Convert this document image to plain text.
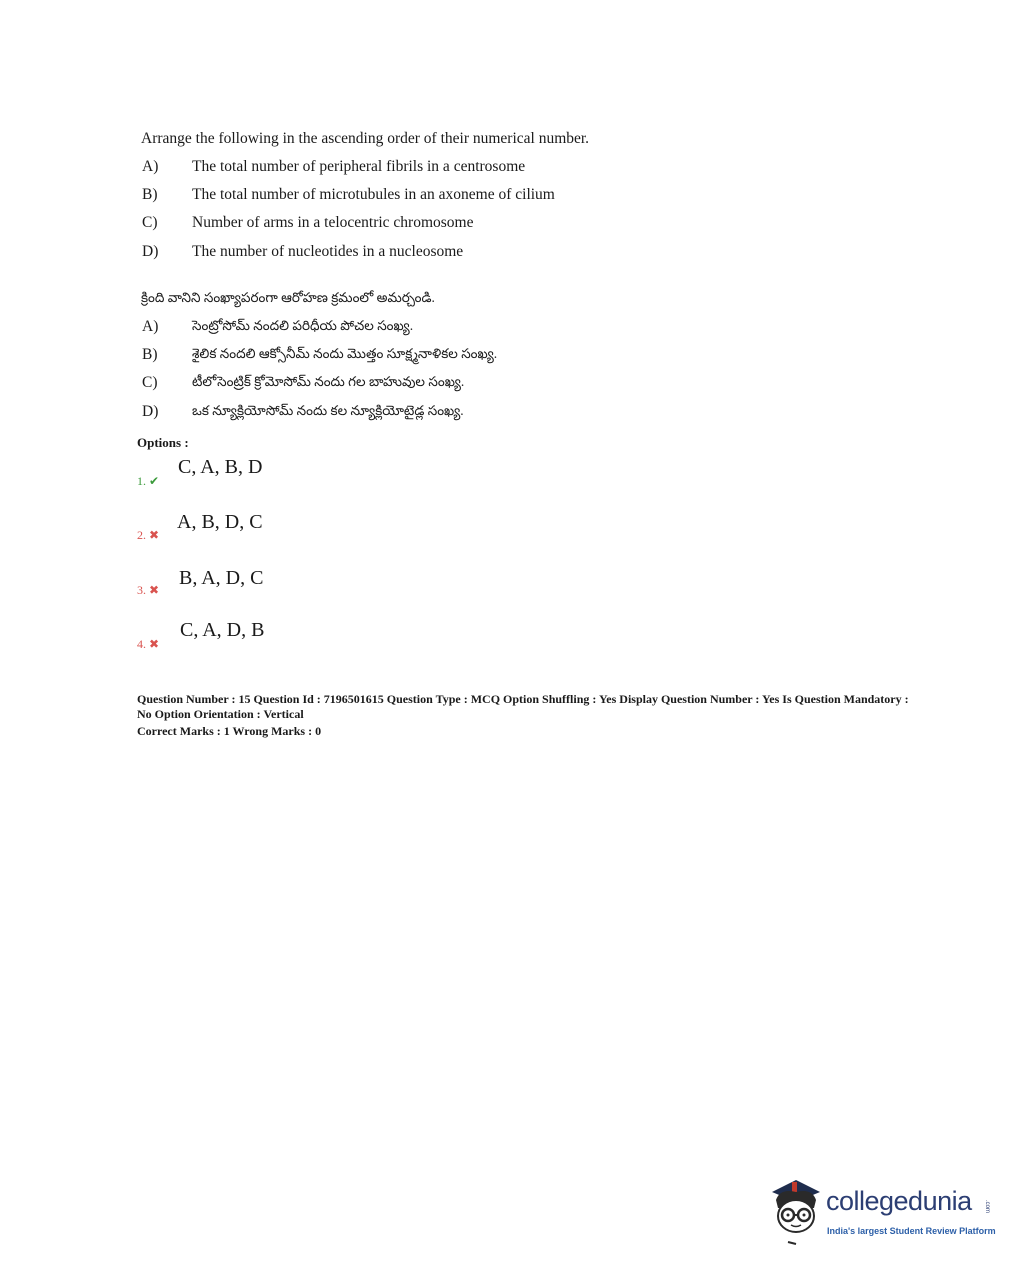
Arrange the following in the ascending order of their numerical number.
A) The total number of peripheral fibrils in a centrosome
B) The total number of microtubules in an axoneme of cilium
C) Number of arms in a telocentric chromosome
D) The number of nucleotides in a nucleosome
క్రింది వానిని సంఖ్యాపరంగా ఆరోహణ క్రమంలో అమర్చండి.
A) సెంట్రోసోమ్ నందలి పరిధీయ పోచల సంఖ్య.
B)	శైలిక నందలి ఆక్సోనీమ్ నందు మొత్తం సూక్ష్మనాళికల సంఖ్య.
C)	టీలోసెంట్రిక్ క్రోమోసోమ్ నందు గల బాహువుల సంఖ్య.
D) ఒక న్యూక్లియోసోమ్ నందు కల న్యూక్లియోటైడ్ల సంఖ్య.
Options :
1. ✔
C, A, B, D
2. ✖
A, B, D, C
3. ✖
B, A, D, C
4. ✖
C, A, D, B
Question Number : 15 Question Id : 7196501615 Question Type : MCQ Option Shuffling : Yes Display Question Number : Yes Is Question Mandatory : No Option Orientation : Vertical
Correct Marks : 1 Wrong Marks : 0
collegedunia .com
India's largest Student Review Platform
